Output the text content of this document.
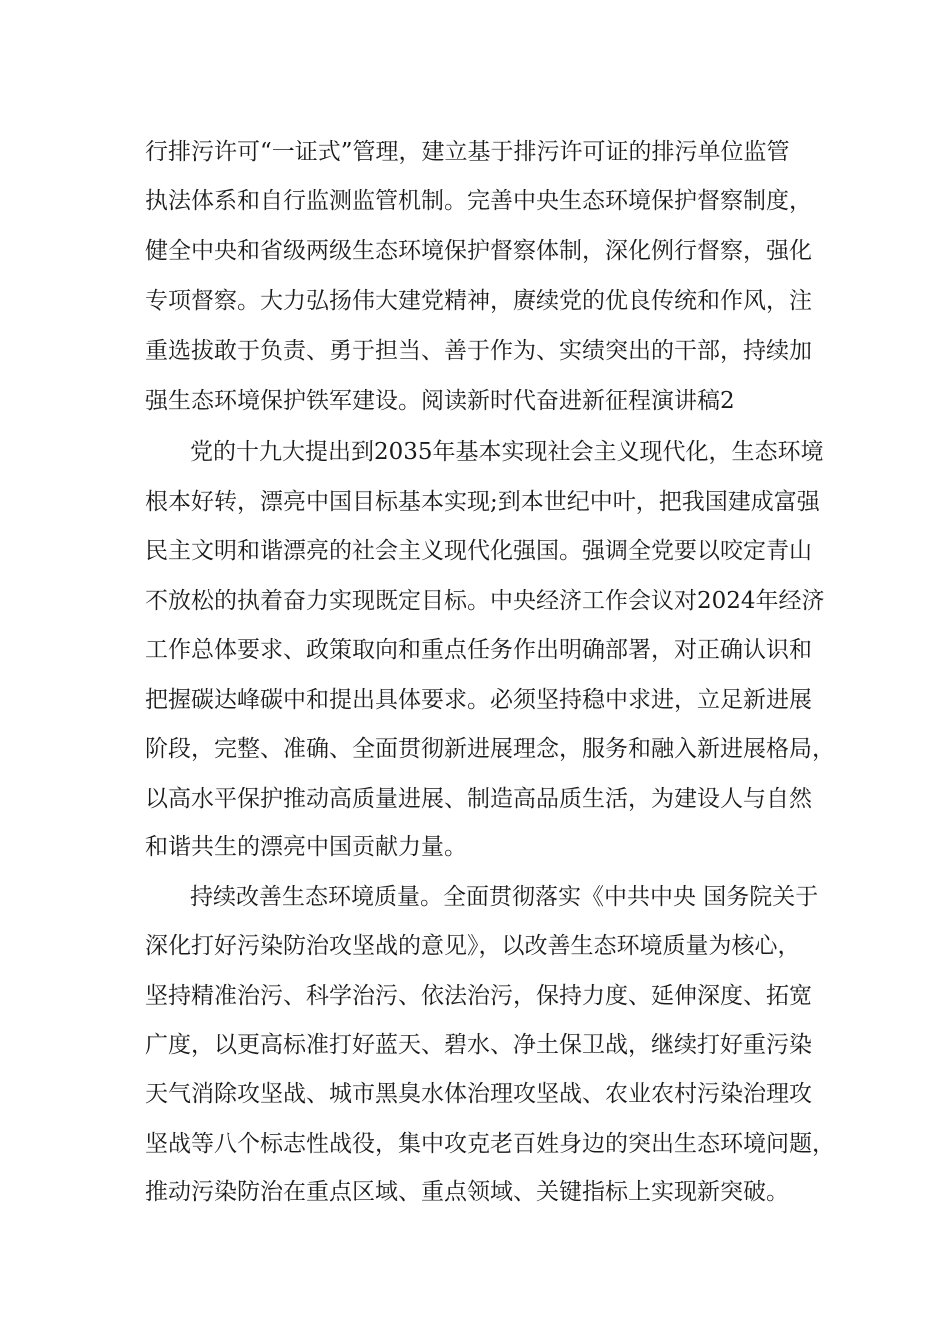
行排污许可“一证式”管理，建立基于排污许可证的排污单位监管
执法体系和自行监测监管机制。完善中央生态环境保护督察制度，
健全中央和省级两级生态环境保护督察体制，深化例行督察，强化
专项督察。大力弘扬伟大建党精神，赓续党的优良传统和作风，注
重选拔敢于负责、勇于担当、善于作为、实绩突出的干部，持续加
强生态环境保护铁军建设。阅读新时代奋进新征程演讲稿2
党的十九大提出到2035年基本实现社会主义现代化，生态环境
根本好转，漂亮中国目标基本实现;到本世纪中叶，把我国建成富强
民主文明和谐漂亮的社会主义现代化强国。强调全党要以咬定青山
不放松的执着奋力实现既定目标。中央经济工作会议对2024年经济
工作总体要求、政策取向和重点任务作出明确部署，对正确认识和
把握碳达峰碳中和提出具体要求。必须坚持稳中求进，立足新进展
阶段，完整、准确、全面贯彻新进展理念，服务和融入新进展格局，
以高水平保护推动高质量进展、制造高品质生活，为建设人与自然
和谐共生的漂亮中国贡献力量。
持续改善生态环境质量。全面贯彻落实《中共中央 国务院关于
深化打好污染防治攻坚战的意见》，以改善生态环境质量为核心，
坚持精准治污、科学治污、依法治污，保持力度、延伸深度、拓宽
广度，以更高标准打好蓝天、碧水、净土保卫战，继续打好重污染
天气消除攻坚战、城市黑臭水体治理攻坚战、农业农村污染治理攻
坚战等八个标志性战役，集中攻克老百姓身边的突出生态环境问题，
推动污染防治在重点区域、重点领域、关键指标上实现新突破。
